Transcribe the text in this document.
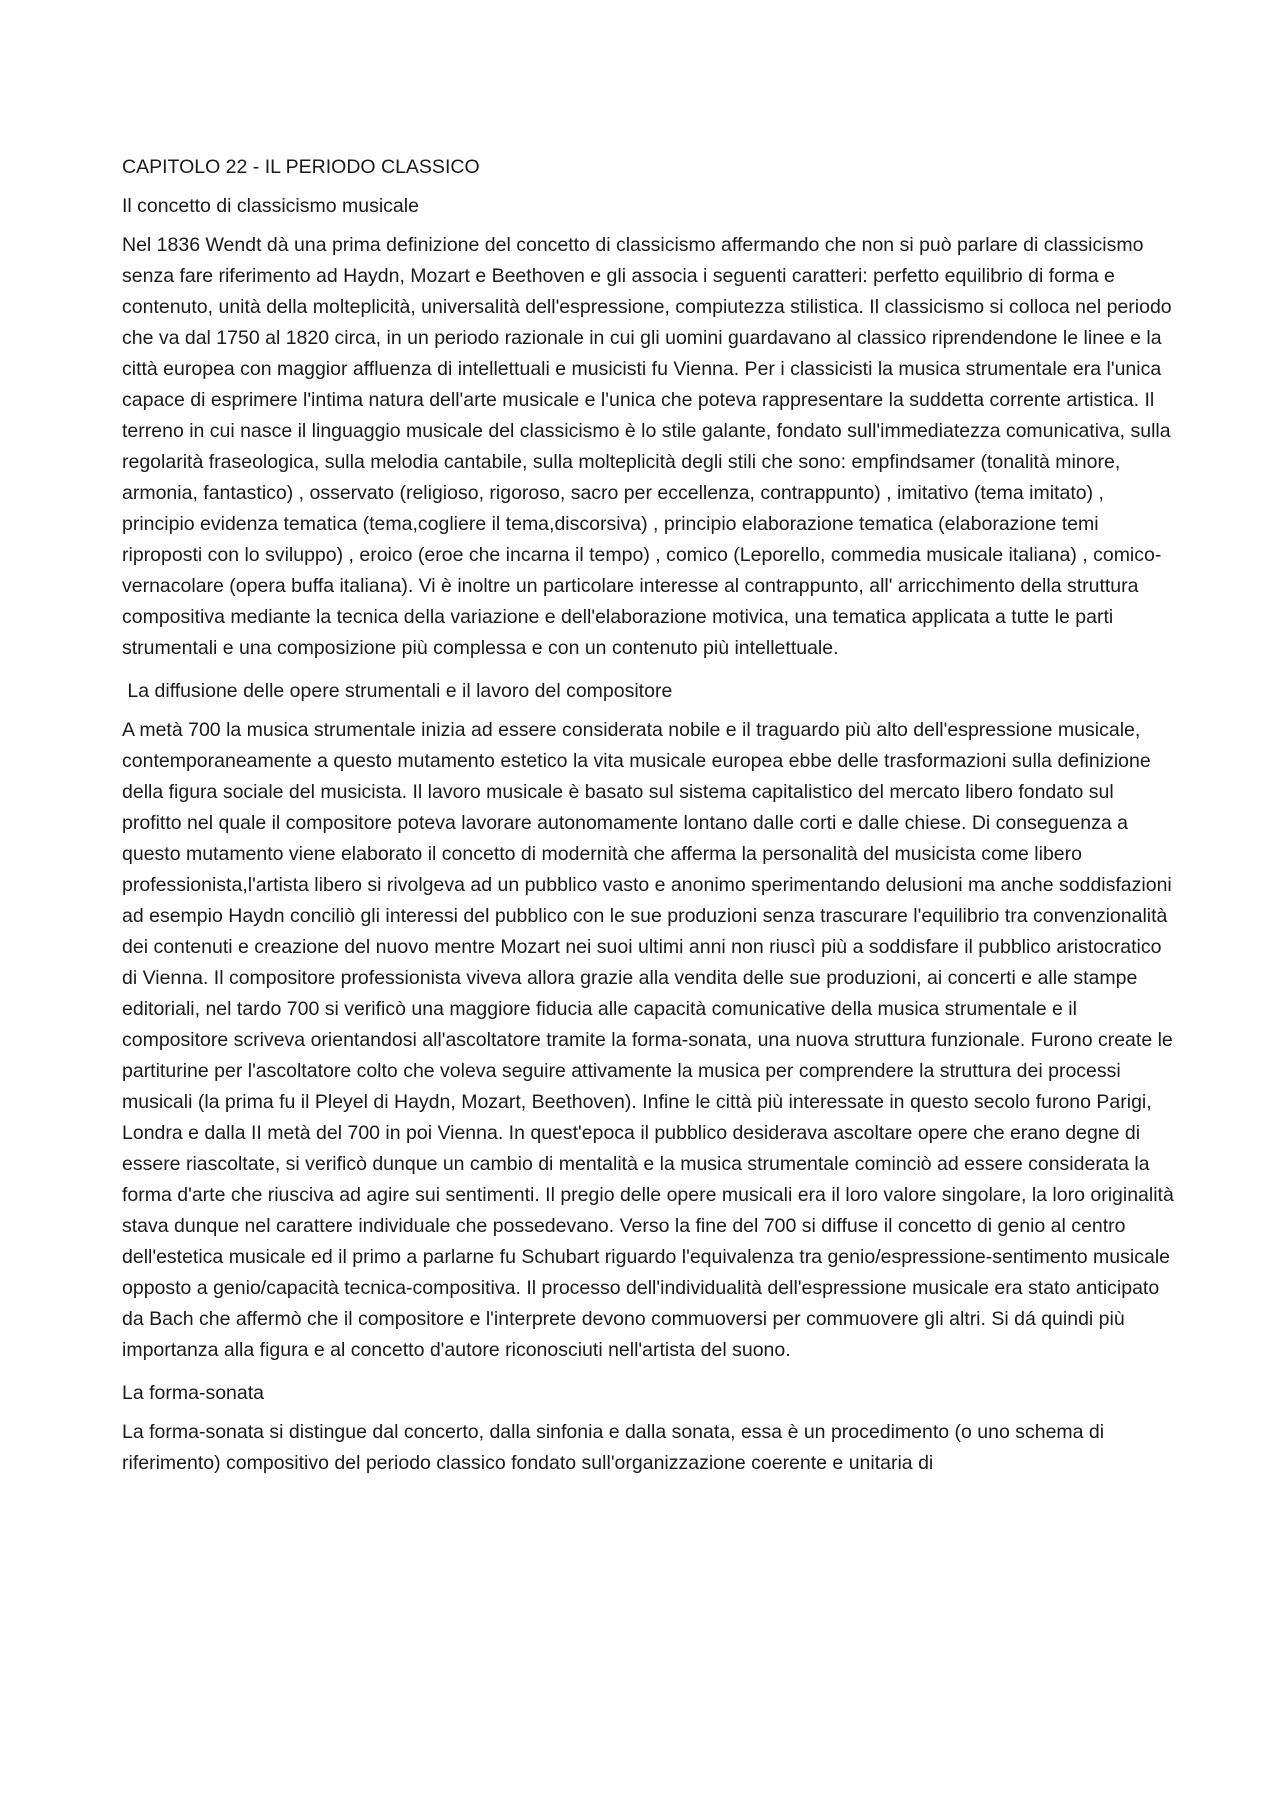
CAPITOLO 22 - IL PERIODO CLASSICO

Il concetto di classicismo musicale

Nel 1836 Wendt dà una prima definizione del concetto di classicismo affermando che non si può parlare di classicismo senza fare riferimento ad Haydn, Mozart e Beethoven e gli associa i seguenti caratteri: perfetto equilibrio di forma e contenuto, unità della molteplicità, universalità dell'espressione, compiutezza stilistica. Il classicismo si colloca nel periodo che va dal 1750 al 1820 circa, in un periodo razionale in cui gli uomini guardavano al classico riprendendone le linee e la città europea con maggior affluenza di intellettuali e musicisti fu Vienna. Per i classicisti la musica strumentale era l'unica capace di esprimere l'intima natura dell'arte musicale e l'unica che poteva rappresentare la suddetta corrente artistica. Il terreno in cui nasce il linguaggio musicale del classicismo è lo stile galante, fondato sull'immediatezza comunicativa, sulla regolarità fraseologica, sulla melodia cantabile, sulla molteplicità degli stili che sono: empfindsamer (tonalità minore, armonia, fantastico) , osservato (religioso, rigoroso, sacro per eccellenza, contrappunto) , imitativo (tema imitato) , principio evidenza tematica (tema,cogliere il tema,discorsiva) , principio elaborazione tematica (elaborazione temi riproposti con lo sviluppo) , eroico (eroe che incarna il tempo) , comico (Leporello, commedia musicale italiana) , comico-vernacolare (opera buffa italiana). Vi è inoltre un particolare interesse al contrappunto, all' arricchimento della struttura compositiva mediante la tecnica della variazione e dell'elaborazione motivica, una tematica applicata a tutte le parti strumentali e una composizione più complessa e con un contenuto più intellettuale.

La diffusione delle opere strumentali e il lavoro del compositore

A metà 700 la musica strumentale inizia ad essere considerata nobile e il traguardo più alto dell'espressione musicale, contemporaneamente a questo mutamento estetico la vita musicale europea ebbe delle trasformazioni sulla definizione della figura sociale del musicista. Il lavoro musicale è basato sul sistema capitalistico del mercato libero fondato sul profitto nel quale il compositore poteva lavorare autonomamente lontano dalle corti e dalle chiese. Di conseguenza a questo mutamento viene elaborato il concetto di modernità che afferma la personalità del musicista come libero professionista,l'artista libero si rivolgeva ad un pubblico vasto e anonimo sperimentando delusioni ma anche soddisfazioni ad esempio Haydn conciliò gli interessi del pubblico con le sue produzioni senza trascurare l'equilibrio tra convenzionalità dei contenuti e creazione del nuovo mentre Mozart nei suoi ultimi anni non riuscì più a soddisfare il pubblico aristocratico di Vienna. Il compositore professionista viveva allora grazie alla vendita delle sue produzioni, ai concerti e alle stampe editoriali, nel tardo 700 si verificò una maggiore fiducia alle capacità comunicative della musica strumentale e il compositore scriveva orientandosi all'ascoltatore tramite la forma-sonata, una nuova struttura funzionale. Furono create le partiturine per l'ascoltatore colto che voleva seguire attivamente la musica per comprendere la struttura dei processi musicali (la prima fu il Pleyel di Haydn, Mozart, Beethoven). Infine le città più interessate in questo secolo furono Parigi, Londra e dalla II metà del 700 in poi Vienna. In quest'epoca il pubblico desiderava ascoltare opere che erano degne di essere riascoltate, si verificò dunque un cambio di mentalità e la musica strumentale cominciò ad essere considerata la forma d'arte che riusciva ad agire sui sentimenti. Il pregio delle opere musicali era il loro valore singolare, la loro originalità stava dunque nel carattere individuale che possedevano. Verso la fine del 700 si diffuse il concetto di genio al centro dell'estetica musicale ed il primo a parlarne fu Schubart riguardo l'equivalenza tra genio/espressione-sentimento musicale opposto a genio/capacità tecnica-compositiva. Il processo dell'individualità dell'espressione musicale era stato anticipato da Bach che affermò che il compositore e l'interprete devono commuoversi per commuovere gli altri. Si dá quindi più importanza alla figura e al concetto d'autore riconosciuti nell'artista del suono.

La forma-sonata

La forma-sonata si distingue dal concerto, dalla sinfonia e dalla sonata, essa è un procedimento (o uno schema di riferimento) compositivo del periodo classico fondato sull'organizzazione coerente e unitaria di
